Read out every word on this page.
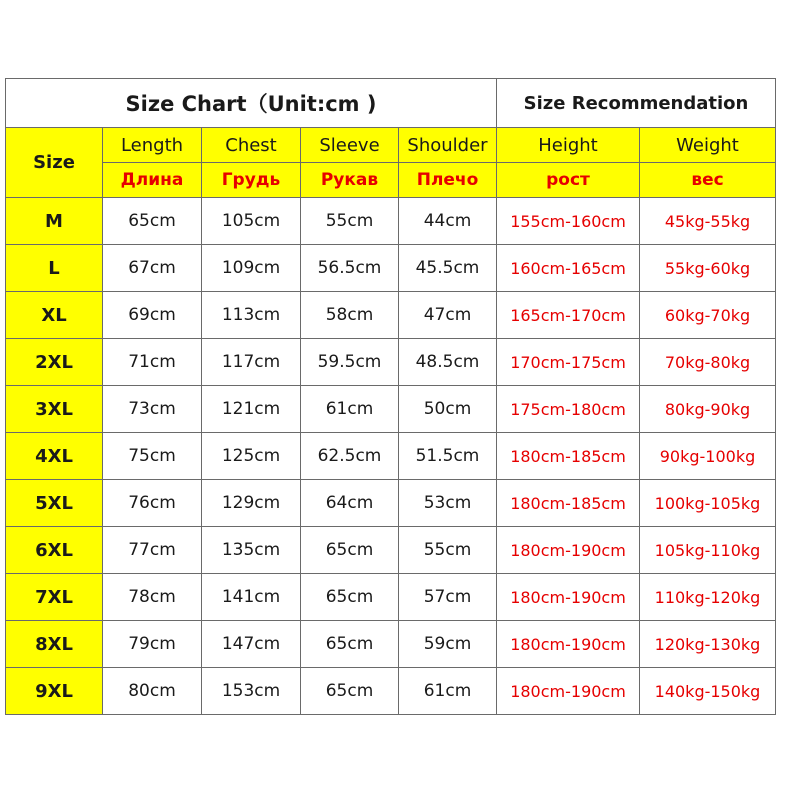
Size Chart（Unit:cm )					Size Recommendation	
Size	Length	Chest	Sleeve	Shoulder	Height	Weight
	Длина	Грудь	Рукав	Плечо	рост	вес
M	65cm	105cm	55cm	44cm	155cm-160cm	45kg-55kg
L	67cm	109cm	56.5cm	45.5cm	160cm-165cm	55kg-60kg
XL	69cm	113cm	58cm	47cm	165cm-170cm	60kg-70kg
2XL	71cm	117cm	59.5cm	48.5cm	170cm-175cm	70kg-80kg
3XL	73cm	121cm	61cm	50cm	175cm-180cm	80kg-90kg
4XL	75cm	125cm	62.5cm	51.5cm	180cm-185cm	90kg-100kg
5XL	76cm	129cm	64cm	53cm	180cm-185cm	100kg-105kg
6XL	77cm	135cm	65cm	55cm	180cm-190cm	105kg-110kg
7XL	78cm	141cm	65cm	57cm	180cm-190cm	110kg-120kg
8XL	79cm	147cm	65cm	59cm	180cm-190cm	120kg-130kg
9XL	80cm	153cm	65cm	61cm	180cm-190cm	140kg-150kg
